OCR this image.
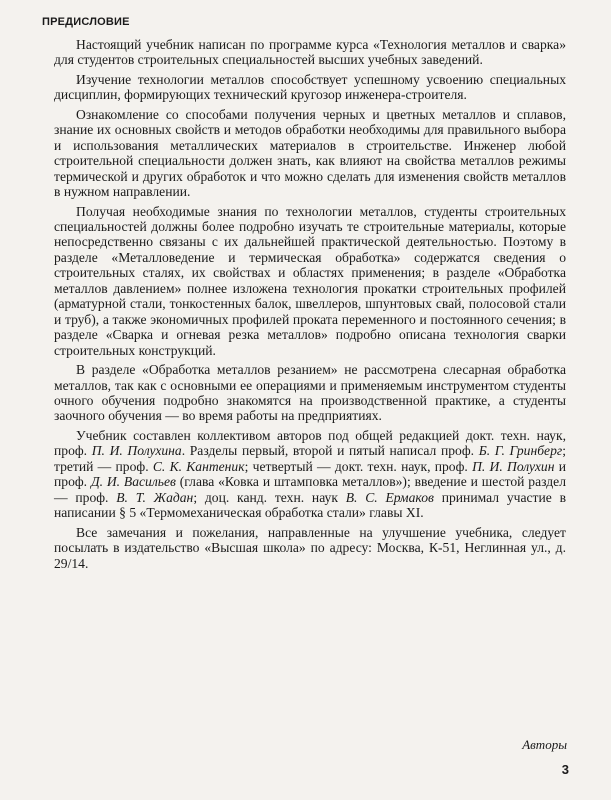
ПРЕДИСЛОВИЕ

Настоящий учебник написан по программе курса «Технология металлов и сварка» для студентов строительных специальностей высших учебных заведений.

Изучение технологии металлов способствует успешному усвоению специальных дисциплин, формирующих технический кругозор инженера-строителя.

Ознакомление со способами получения черных и цветных металлов и сплавов, знание их основных свойств и методов обработки необходимы для правильного выбора и использования металлических материалов в строительстве. Инженер любой строительной специальности должен знать, как влияют на свойства металлов режимы термической и других обработок и что можно сделать для изменения свойств металлов в нужном направлении.

Получая необходимые знания по технологии металлов, студенты строительных специальностей должны более подробно изучать те строительные материалы, которые непосредственно связаны с их дальнейшей практической деятельностью. Поэтому в разделе «Металловедение и термическая обработка» содержатся сведения о строительных сталях, их свойствах и областях применения; в разделе «Обработка металлов давлением» полнее изложена технология прокатки строительных профилей (арматурной стали, тонкостенных балок, швеллеров, шпунтовых свай, полосовой стали и труб), а также экономичных профилей проката переменного и постоянного сечения; в разделе «Сварка и огневая резка металлов» подробно описана технология сварки строительных конструкций.

В разделе «Обработка металлов резанием» не рассмотрена слесарная обработка металлов, так как с основными ее операциями и применяемым инструментом студенты очного обучения подробно знакомятся на производственной практике, а студенты заочного обучения — во время работы на предприятиях.

Учебник составлен коллективом авторов под общей редакцией докт. техн. наук, проф. П. И. Полухина. Разделы первый, второй и пятый написал проф. Б. Г. Гринберг; третий — проф. С. К. Кантеник; четвертый — докт. техн. наук, проф. П. И. Полухин и проф. Д. И. Васильев (глава «Ковка и штамповка металлов»); введение и шестой раздел — проф. В. Т. Жадан; доц. канд. техн. наук В. С. Ермаков принимал участие в написании § 5 «Термомеханическая обработка стали» главы XI.

Все замечания и пожелания, направленные на улучшение учебника, следует посылать в издательство «Высшая школа» по адресу: Москва, К-51, Неглинная ул., д. 29/14.

Авторы
3
